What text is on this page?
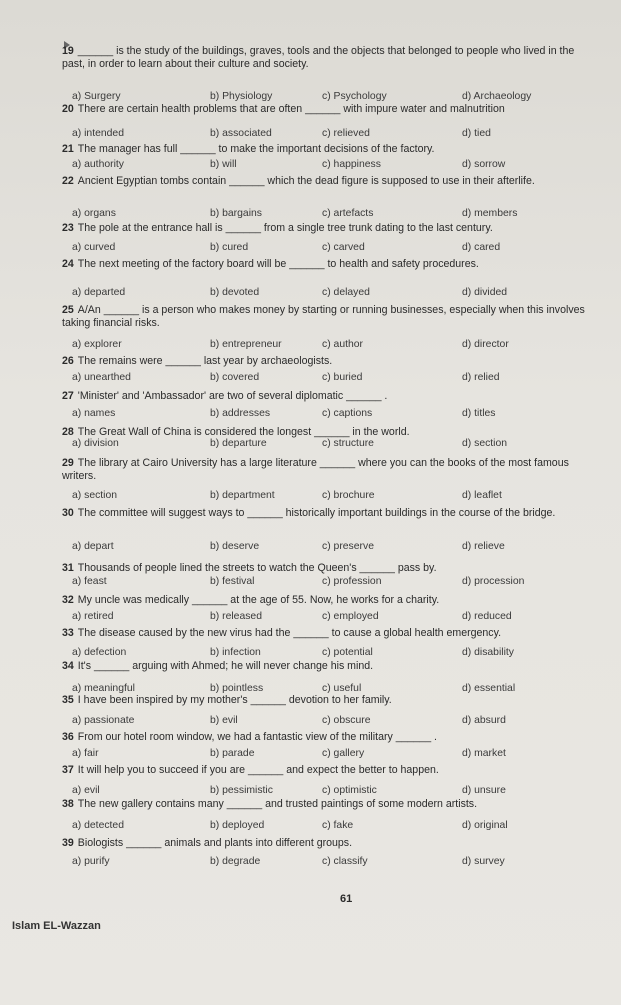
19 ______ is the study of the buildings, graves, tools and the objects that belonged to people who lived in the past, in order to learn about their culture and society.
a) Surgery	b) Physiology	c) Psychology	d) Archaeology
20 There are certain health problems that are often ______ with impure water and malnutrition
a) intended	b) associated	c) relieved	d) tied
21 The manager has full ______ to make the important decisions of the factory.
a) authority	b) will	c) happiness	d) sorrow
22 Ancient Egyptian tombs contain ______ which the dead figure is supposed to use in their afterlife.
a) organs	b) bargains	c) artefacts	d) members
23 The pole at the entrance hall is ______ from a single tree trunk dating to the last century.
a) curved	b) cured	c) carved	d) cared
24 The next meeting of the factory board will be ______ to health and safety procedures.
a) departed	b) devoted	c) delayed	d) divided
25 A/An ______ is a person who makes money by starting or running businesses, especially when this involves taking financial risks.
a) explorer	b) entrepreneur	c) author	d) director
26 The remains were ______ last year by archaeologists.
a) unearthed	b) covered	c) buried	d) relied
27 'Minister' and 'Ambassador' are two of several diplomatic ______ .
a) names	b) addresses	c) captions	d) titles
28 The Great Wall of China is considered the longest ______ in the world.
a) division	b) departure	c) structure	d) section
29 The library at Cairo University has a large literature ______ where you can the books of the most famous writers.
a) section	b) department	c) brochure	d) leaflet
30 The committee will suggest ways to ______ historically important buildings in the course of the bridge.
a) depart	b) deserve	c) preserve	d) relieve
31 Thousands of people lined the streets to watch the Queen's ______ pass by.
a) feast	b) festival	c) profession	d) procession
32 My uncle was medically ______ at the age of 55. Now, he works for a charity.
a) retired	b) released	c) employed	d) reduced
33 The disease caused by the new virus had the ______ to cause a global health emergency.
a) defection	b) infection	c) potential	d) disability
34 It's ______ arguing with Ahmed; he will never change his mind.
a) meaningful	b) pointless	c) useful	d) essential
35 I have been inspired by my mother's ______ devotion to her family.
a) passionate	b) evil	c) obscure	d) absurd
36 From our hotel room window, we had a fantastic view of the military ______ .
a) fair	b) parade	c) gallery	d) market
37 It will help you to succeed if you are ______ and expect the better to happen.
a) evil	b) pessimistic	c) optimistic	d) unsure
38 The new gallery contains many ______ and trusted paintings of some modern artists.
a) detected	b) deployed	c) fake	d) original
39 Biologists ______ animals and plants into different groups.
a) purify	b) degrade	c) classify	d) survey
61
Islam EL-Wazzan
